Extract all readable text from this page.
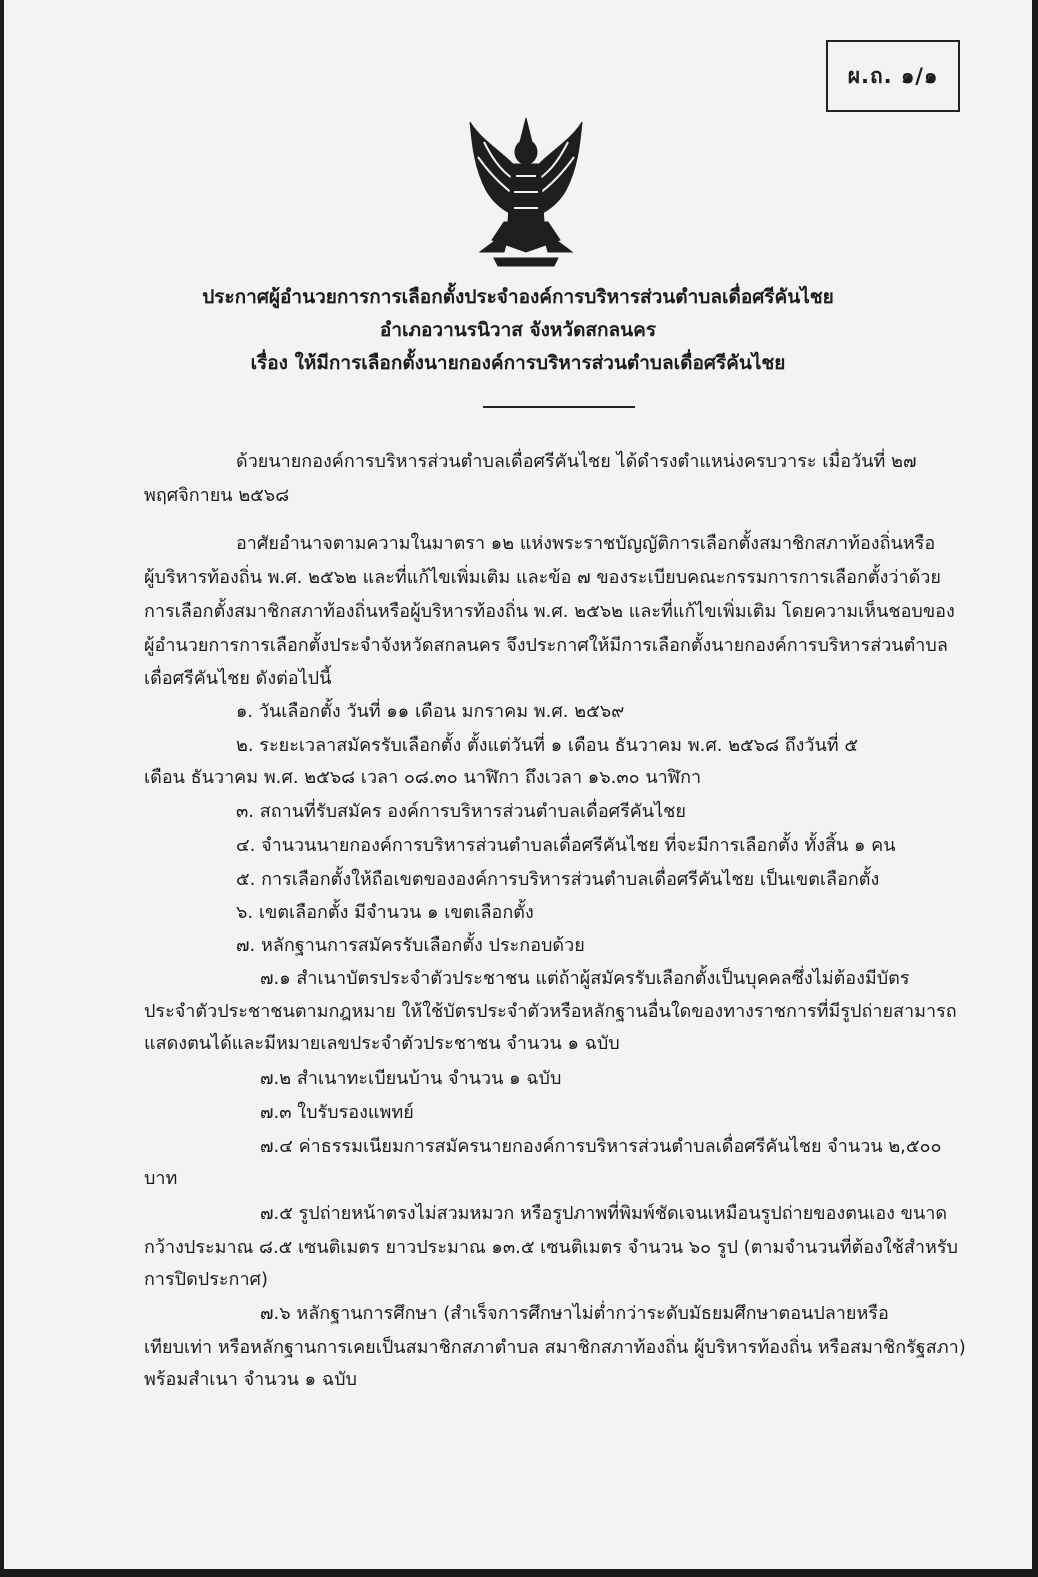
ผ.ถ. ๑/๑
ประกาศผู้อำนวยการการเลือกตั้งประจำองค์การบริหารส่วนตำบลเดื่อศรีคันไชย
อำเภอวานรนิวาส จังหวัดสกลนคร
เรื่อง ให้มีการเลือกตั้งนายกองค์การบริหารส่วนตำบลเดื่อศรีคันไชย
ด้วยนายกองค์การบริหารส่วนตำบลเดื่อศรีคันไชย ได้ดำรงตำแหน่งครบวาระ เมื่อวันที่ ๒๗
พฤศจิกายน ๒๕๖๘
อาศัยอำนาจตามความในมาตรา ๑๒ แห่งพระราชบัญญัติการเลือกตั้งสมาชิกสภาท้องถิ่นหรือ
ผู้บริหารท้องถิ่น พ.ศ. ๒๕๖๒ และที่แก้ไขเพิ่มเติม และข้อ ๗ ของระเบียบคณะกรรมการการเลือกตั้งว่าด้วย
การเลือกตั้งสมาชิกสภาท้องถิ่นหรือผู้บริหารท้องถิ่น พ.ศ. ๒๕๖๒ และที่แก้ไขเพิ่มเติม โดยความเห็นชอบของ
ผู้อำนวยการการเลือกตั้งประจำจังหวัดสกลนคร จึงประกาศให้มีการเลือกตั้งนายกองค์การบริหารส่วนตำบล
เดื่อศรีคันไชย ดังต่อไปนี้
๑. วันเลือกตั้ง วันที่ ๑๑ เดือน มกราคม พ.ศ. ๒๕๖๙
๒. ระยะเวลาสมัครรับเลือกตั้ง ตั้งแต่วันที่ ๑ เดือน ธันวาคม พ.ศ. ๒๕๖๘ ถึงวันที่ ๕
เดือน ธันวาคม พ.ศ. ๒๕๖๘ เวลา ๐๘.๓๐ นาฬิกา ถึงเวลา ๑๖.๓๐ นาฬิกา
๓. สถานที่รับสมัคร องค์การบริหารส่วนตำบลเดื่อศรีคันไชย
๔. จำนวนนายกองค์การบริหารส่วนตำบลเดื่อศรีคันไชย ที่จะมีการเลือกตั้ง ทั้งสิ้น ๑ คน
๕. การเลือกตั้งให้ถือเขตขององค์การบริหารส่วนตำบลเดื่อศรีคันไชย เป็นเขตเลือกตั้ง
๖. เขตเลือกตั้ง มีจำนวน ๑ เขตเลือกตั้ง
๗. หลักฐานการสมัครรับเลือกตั้ง ประกอบด้วย
๗.๑ สำเนาบัตรประจำตัวประชาชน แต่ถ้าผู้สมัครรับเลือกตั้งเป็นบุคคลซึ่งไม่ต้องมีบัตร
ประจำตัวประชาชนตามกฎหมาย ให้ใช้บัตรประจำตัวหรือหลักฐานอื่นใดของทางราชการที่มีรูปถ่ายสามารถ
แสดงตนได้และมีหมายเลขประจำตัวประชาชน จำนวน ๑ ฉบับ
๗.๒ สำเนาทะเบียนบ้าน จำนวน ๑ ฉบับ
๗.๓ ใบรับรองแพทย์
๗.๔ ค่าธรรมเนียมการสมัครนายกองค์การบริหารส่วนตำบลเดื่อศรีคันไชย จำนวน ๒,๕๐๐
บาท
๗.๕ รูปถ่ายหน้าตรงไม่สวมหมวก หรือรูปภาพที่พิมพ์ชัดเจนเหมือนรูปถ่ายของตนเอง ขนาด
กว้างประมาณ ๘.๕ เซนติเมตร ยาวประมาณ ๑๓.๕ เซนติเมตร จำนวน ๖๐ รูป (ตามจำนวนที่ต้องใช้สำหรับ
การปิดประกาศ)
๗.๖ หลักฐานการศึกษา (สำเร็จการศึกษาไม่ต่ำกว่าระดับมัธยมศึกษาตอนปลายหรือ
เทียบเท่า หรือหลักฐานการเคยเป็นสมาชิกสภาตำบล สมาชิกสภาท้องถิ่น ผู้บริหารท้องถิ่น หรือสมาชิกรัฐสภา)
พร้อมสำเนา จำนวน ๑ ฉบับ
